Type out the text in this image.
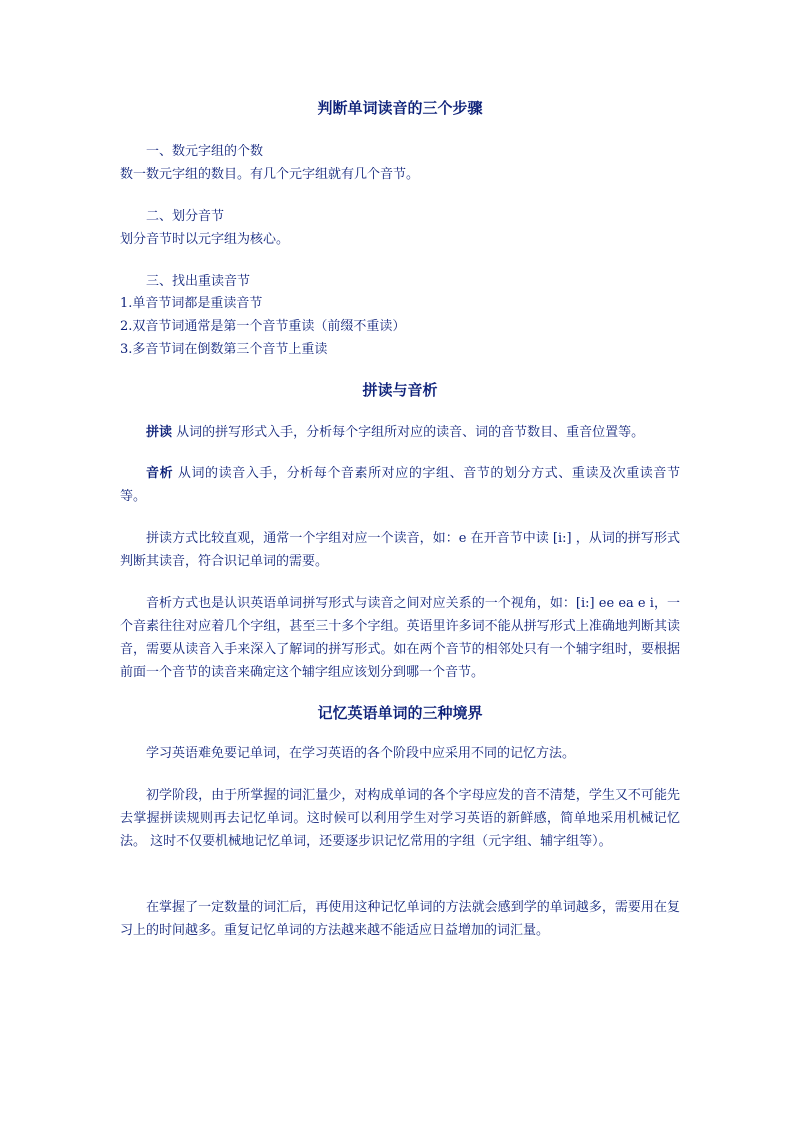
判断单词读音的三个步骤
一、数元字组的个数
数一数元字组的数目。有几个元字组就有几个音节。
二、划分音节
划分音节时以元字组为核心。
三、找出重读音节
1.单音节词都是重读音节
2.双音节词通常是第一个音节重读（前缀不重读）
3.多音节词在倒数第三个音节上重读
拼读与音析
拼读 从词的拼写形式入手，分析每个字组所对应的读音、词的音节数目、重音位置等。
音析 从词的读音入手，分析每个音素所对应的字组、音节的划分方式、重读及次重读音节等。
拼读方式比较直观，通常一个字组对应一个读音，如：e 在开音节中读 [i:] ，从词的拼写形式判断其读音，符合识记单词的需要。
音析方式也是认识英语单词拼写形式与读音之间对应关系的一个视角，如：[i:] ee ea e i，一个音素往往对应着几个字组，甚至三十多个字组。英语里许多词不能从拼写形式上准确地判断其读音，需要从读音入手来深入了解词的拼写形式。如在两个音节的相邻处只有一个辅字组时，要根据前面一个音节的读音来确定这个辅字组应该划分到哪一个音节。
记忆英语单词的三种境界
学习英语难免要记单词，在学习英语的各个阶段中应采用不同的记忆方法。
初学阶段，由于所掌握的词汇量少，对构成单词的各个字母应发的音不清楚，学生又不可能先去掌握拼读规则再去记忆单词。这时候可以利用学生对学习英语的新鲜感，简单地采用机械记忆法。 这时不仅要机械地记忆单词，还要逐步识记忆常用的字组（元字组、辅字组等）。
在掌握了一定数量的词汇后，再使用这种记忆单词的方法就会感到学的单词越多，需要用在复习上的时间越多。重复记忆单词的方法越来越不能适应日益增加的词汇量。
